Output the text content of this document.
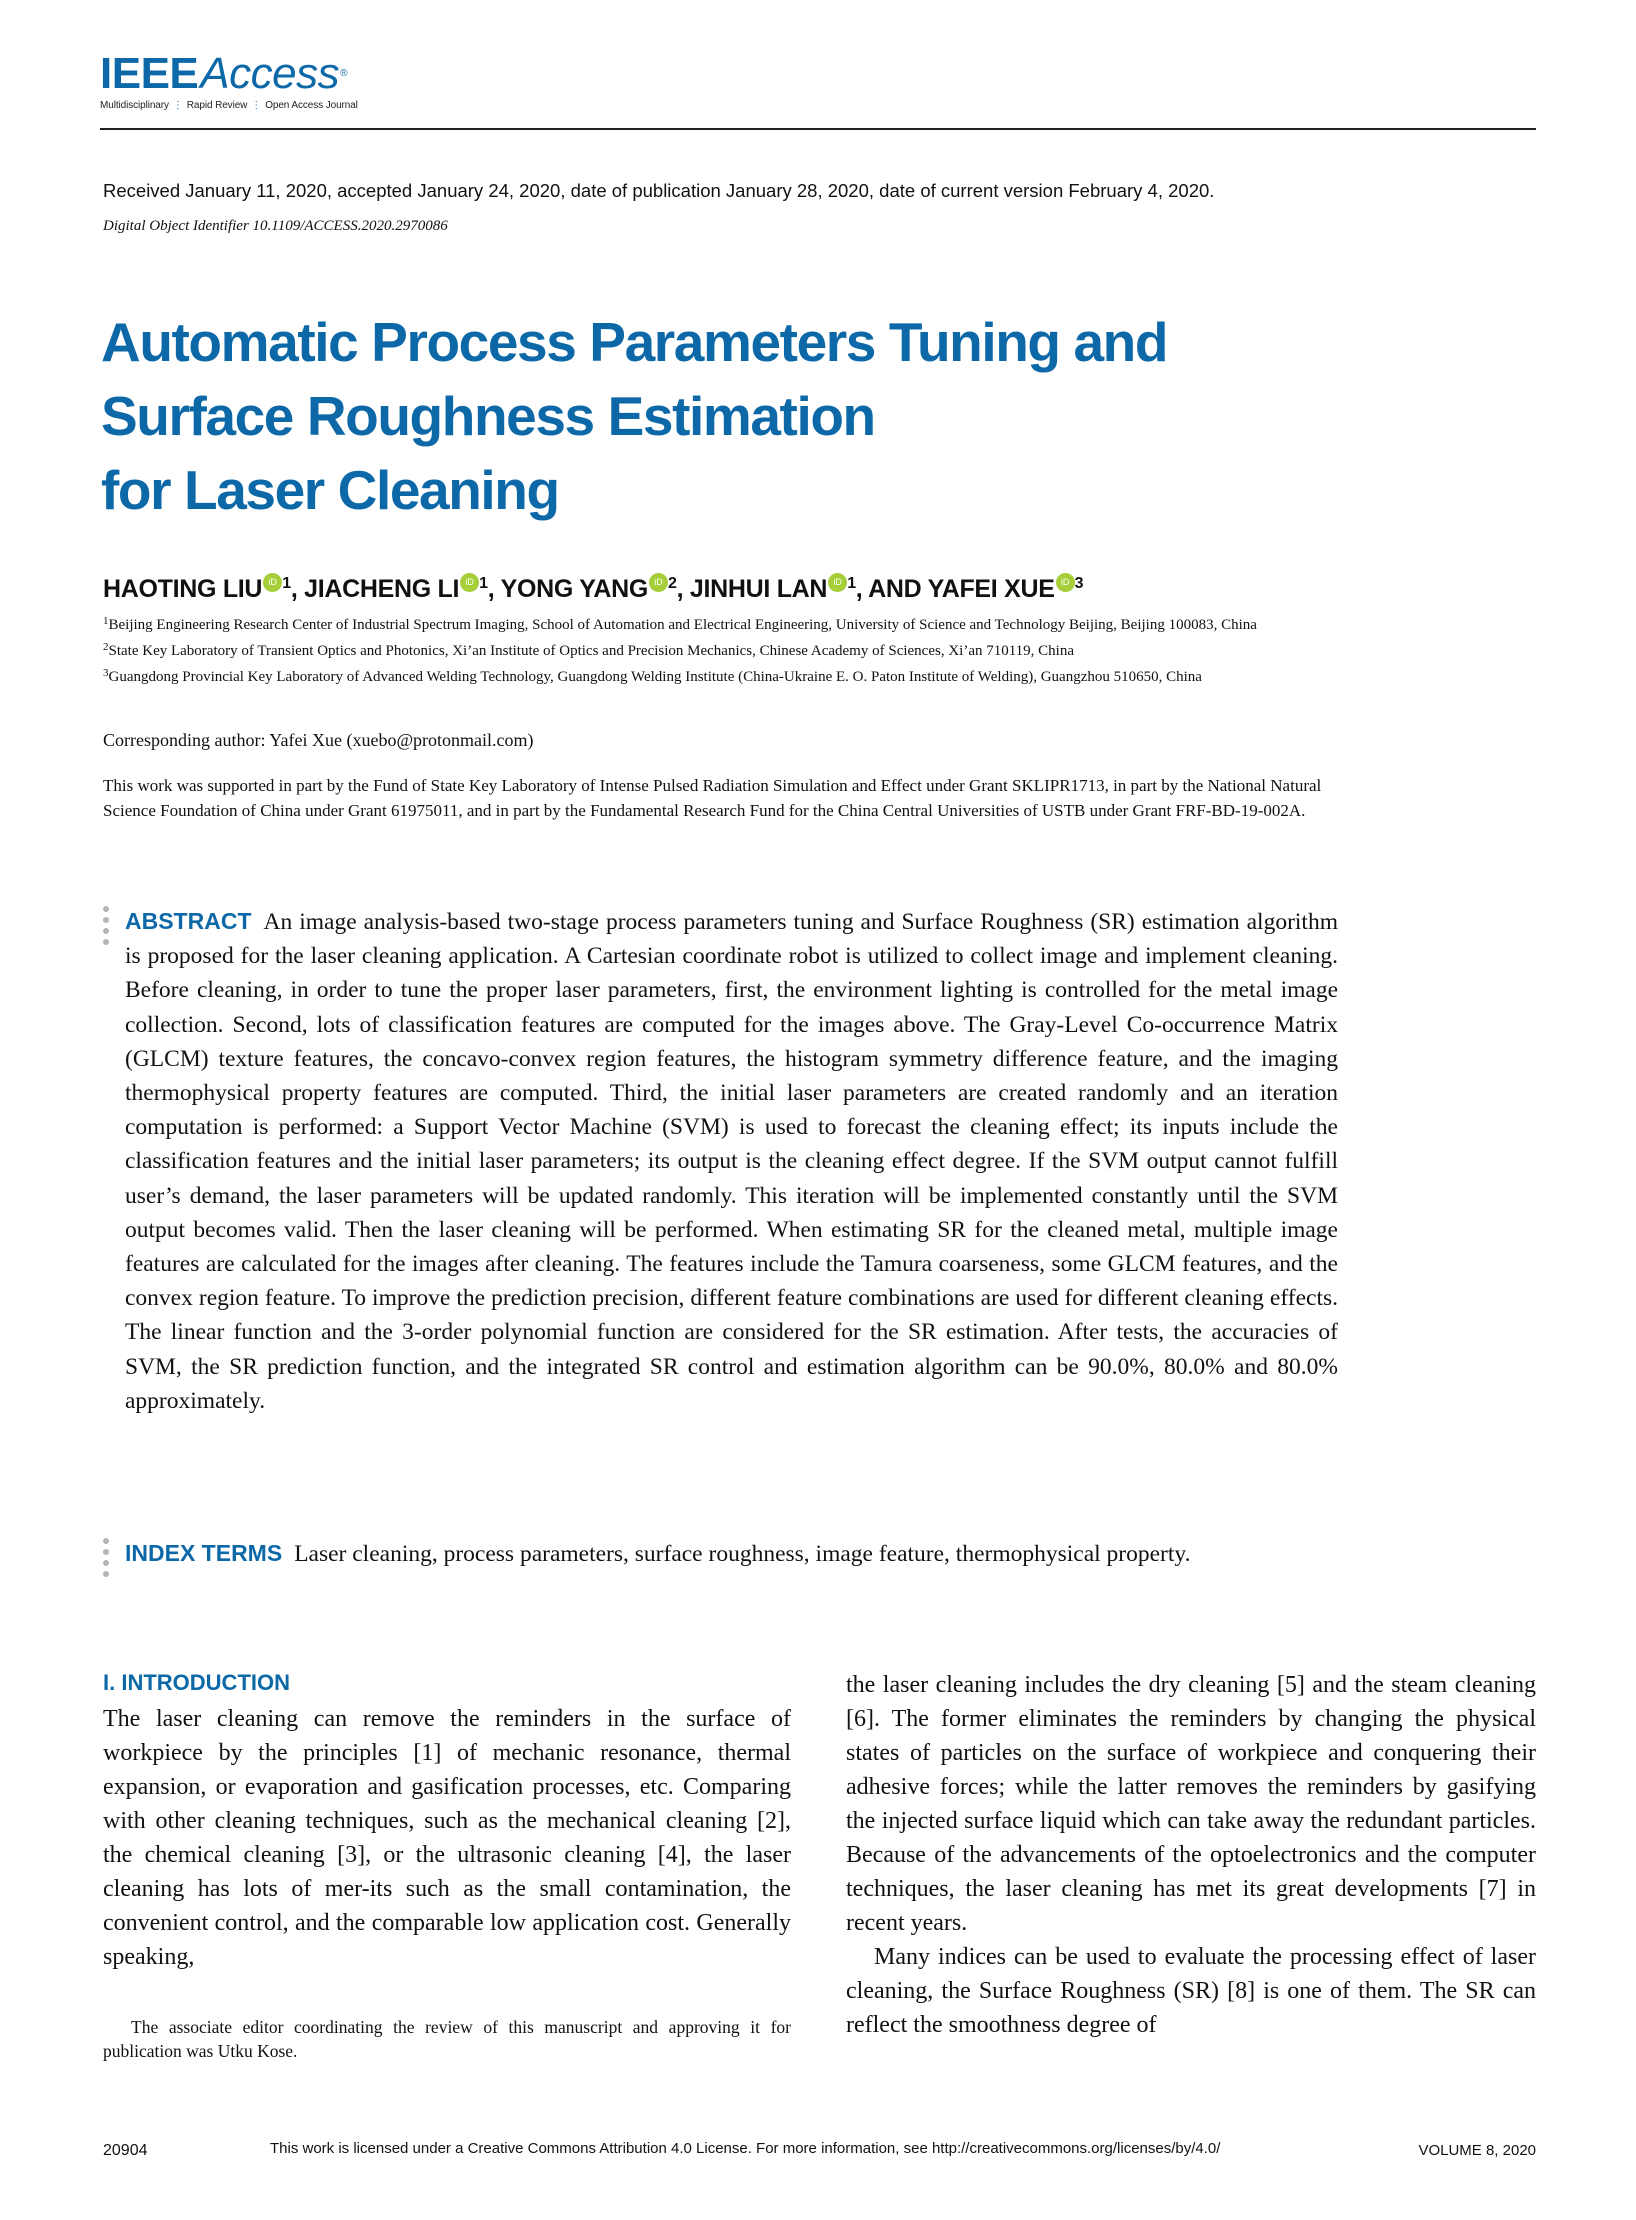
IEEEAccess®
Multidisciplinary ⋮ Rapid Review ⋮ Open Access Journal
Received January 11, 2020, accepted January 24, 2020, date of publication January 28, 2020, date of current version February 4, 2020.
Digital Object Identifier 10.1109/ACCESS.2020.2970086
Automatic Process Parameters Tuning and
Surface Roughness Estimation
for Laser Cleaning
HAOTING LIU iD $^1$, JIACHENG LI iD $^1$, YONG YANG iD $^2$, JINHUI LAN iD $^1$, AND YAFEI XUE iD $^3$
$^1$Beijing Engineering Research Center of Industrial Spectrum Imaging, School of Automation and Electrical Engineering, University of Science and Technology Beijing, Beijing 100083, China
$^2$State Key Laboratory of Transient Optics and Photonics, Xi’an Institute of Optics and Precision Mechanics, Chinese Academy of Sciences, Xi’an 710119, China
$^3$Guangdong Provincial Key Laboratory of Advanced Welding Technology, Guangdong Welding Institute (China-Ukraine E. O. Paton Institute of Welding), Guangzhou 510650, China
Corresponding author: Yafei Xue (xuebo@protonmail.com)
This work was supported in part by the Fund of State Key Laboratory of Intense Pulsed Radiation Simulation and Effect under Grant SKLIPR1713, in part by the National Natural Science Foundation of China under Grant 61975011, and in part by the Fundamental Research Fund for the China Central Universities of USTB under Grant FRF-BD-19-002A.
ABSTRACT An image analysis-based two-stage process parameters tuning and Surface Roughness (SR) estimation algorithm is proposed for the laser cleaning application. A Cartesian coordinate robot is utilized to collect image and implement cleaning. Before cleaning, in order to tune the proper laser parameters, first, the environment lighting is controlled for the metal image collection. Second, lots of classification features are computed for the images above. The Gray-Level Co-occurrence Matrix (GLCM) texture features, the concavo-convex region features, the histogram symmetry difference feature, and the imaging thermophysical property features are computed. Third, the initial laser parameters are created randomly and an iteration computation is performed: a Support Vector Machine (SVM) is used to forecast the cleaning effect; its inputs include the classification features and the initial laser parameters; its output is the cleaning effect degree. If the SVM output cannot fulfill user’s demand, the laser parameters will be updated randomly. This iteration will be implemented constantly until the SVM output becomes valid. Then the laser cleaning will be performed. When estimating SR for the cleaned metal, multiple image features are calculated for the images after cleaning. The features include the Tamura coarseness, some GLCM features, and the convex region feature. To improve the prediction precision, different feature combinations are used for different cleaning effects. The linear function and the 3-order polynomial function are considered for the SR estimation. After tests, the accuracies of SVM, the SR prediction function, and the integrated SR control and estimation algorithm can be 90.0%, 80.0% and 80.0% approximately.
INDEX TERMS Laser cleaning, process parameters, surface roughness, image feature, thermophysical property.
I. INTRODUCTION

The laser cleaning can remove the reminders in the surface of workpiece by the principles [1] of mechanic resonance, thermal expansion, or evaporation and gasification processes, etc. Comparing with other cleaning techniques, such as the mechanical cleaning [2], the chemical cleaning [3], or the ultrasonic cleaning [4], the laser cleaning has lots of mer-its such as the small contamination, the convenient control, and the comparable low application cost. Generally speaking,

The associate editor coordinating the review of this manuscript and approving it for publication was Utku Kose.

the laser cleaning includes the dry cleaning [5] and the steam cleaning [6]. The former eliminates the reminders by changing the physical states of particles on the surface of workpiece and conquering their adhesive forces; while the latter removes the reminders by gasifying the injected surface liquid which can take away the redundant particles. Because of the advancements of the optoelectronics and the computer techniques, the laser cleaning has met its great developments [7] in recent years.

Many indices can be used to evaluate the processing effect of laser cleaning, the Surface Roughness (SR) [8] is one of them. The SR can reflect the smoothness degree of

20904	This work is licensed under a Creative Commons Attribution 4.0 License. For more information, see http://creativecommons.org/licenses/by/4.0/	VOLUME 8, 2020
